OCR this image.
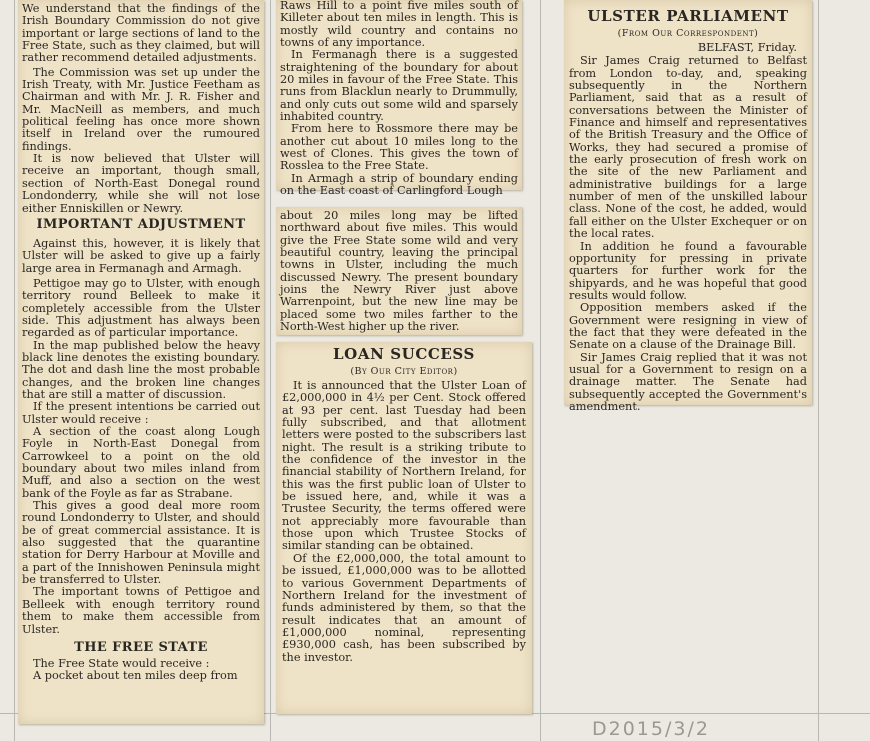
We understand that the findings of the Irish Boundary Commission do not give important or large sections of land to the Free State, such as they claimed, but will rather recommend detailed adjustments.

The Commission was set up under the Irish Treaty, with Mr. Justice Feetham as Chairman and with Mr. J. R. Fisher and Mr. MacNeill as members, and much political feeling has once more shown itself in Ireland over the rumoured findings.

It is now believed that Ulster will receive an important, though small, section of North-East Donegal round Londonderry, while she will not lose either Enniskillen or Newry.

IMPORTANT ADJUSTMENT

Against this, however, it is likely that Ulster will be asked to give up a fairly large area in Fermanagh and Armagh.

Pettigoe may go to Ulster, with enough territory round Belleek to make it completely accessible from the Ulster side. This adjustment has always been regarded as of particular importance.

In the map published below the heavy black line denotes the existing boundary. The dot and dash line the most probable changes, and the broken line changes that are still a matter of discussion.

If the present intentions be carried out Ulster would receive :

A section of the coast along Lough Foyle in North-East Donegal from Carrowkeel to a point on the old boundary about two miles inland from Muff, and also a section on the west bank of the Foyle as far as Strabane.

This gives a good deal more room round Londonderry to Ulster, and should be of great commercial assistance. It is also suggested that the quarantine station for Derry Harbour at Moville and a part of the Innishowen Peninsula might be transferred to Ulster.

The important towns of Pettigoe and Belleek with enough territory round them to make them accessible from Ulster.

THE FREE STATE

The Free State would receive :

A pocket about ten miles deep from

Raws Hill to a point five miles south of Killeter about ten miles in length. This is mostly wild country and contains no towns of any importance.

In Fermanagh there is a suggested straightening of the boundary for about 20 miles in favour of the Free State. This runs from Blacklun nearly to Drummully, and only cuts out some wild and sparsely inhabited country.

From here to Rossmore there may be another cut about 10 miles long to the west of Clones. This gives the town of Rosslea to the Free State.

In Armagh a strip of boundary ending on the East coast of Carlingford Lough

about 20 miles long may be lifted northward about five miles. This would give the Free State some wild and very beautiful country, leaving the principal towns in Ulster, including the much discussed Newry. The present boundary joins the Newry River just above Warrenpoint, but the new line may be placed some two miles farther to the North-West higher up the river.

LOAN SUCCESS
(By Our City Editor)

It is announced that the Ulster Loan of £2,000,000 in 4½ per Cent. Stock offered at 93 per cent. last Tuesday had been fully subscribed, and that allotment letters were posted to the subscribers last night. The result is a striking tribute to the confidence of the investor in the financial stability of Northern Ireland, for this was the first public loan of Ulster to be issued here, and, while it was a Trustee Security, the terms offered were not appreciably more favourable than those upon which Trustee Stocks of similar standing can be obtained.

Of the £2,000,000, the total amount to be issued, £1,000,000 was to be allotted to various Government Departments of Northern Ireland for the investment of funds administered by them, so that the result indicates that an amount of £1,000,000 nominal, representing £930,000 cash, has been subscribed by the investor.

ULSTER PARLIAMENT
(From Our Correspondent)
BELFAST, Friday.

Sir James Craig returned to Belfast from London to-day, and, speaking subsequently in the Northern Parliament, said that as a result of conversations between the Minister of Finance and himself and representatives of the British Treasury and the Office of Works, they had secured a promise of the early prosecution of fresh work on the site of the new Parliament and administrative buildings for a large number of men of the unskilled labour class. None of the cost, he added, would fall either on the Ulster Exchequer or on the local rates.

In addition he found a favourable opportunity for pressing in private quarters for further work for the shipyards, and he was hopeful that good results would follow.

Opposition members asked if the Government were resigning in view of the fact that they were defeated in the Senate on a clause of the Drainage Bill.

Sir James Craig replied that it was not usual for a Government to resign on a drainage matter. The Senate had subsequently accepted the Government's amendment.

D2015/3/2
